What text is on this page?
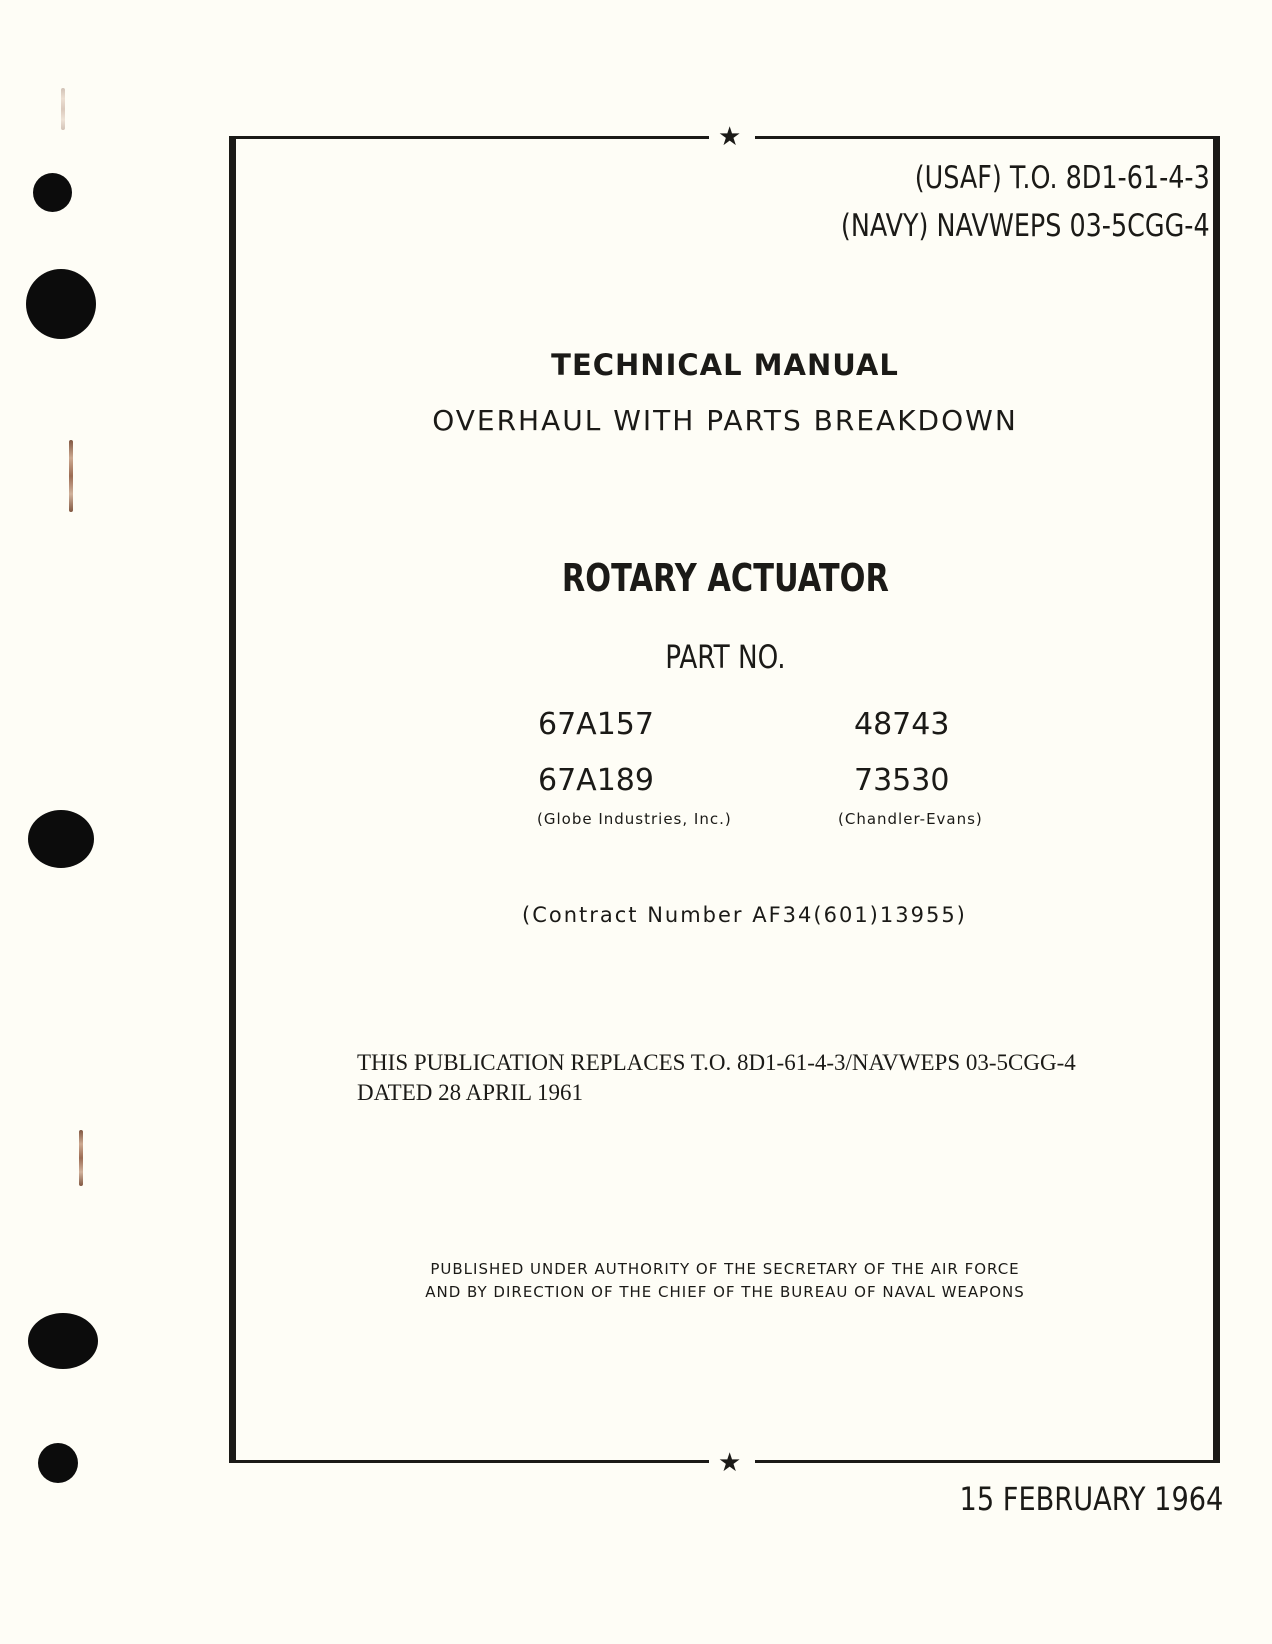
★
★
(USAF) T.O. 8D1-61-4-3
(NAVY) NAVWEPS 03-5CGG-4
TECHNICAL MANUAL
OVERHAUL WITH PARTS BREAKDOWN
ROTARY ACTUATOR
PART NO.
67A157
67A189
(Globe Industries, Inc.)
48743
73530
(Chandler-Evans)
(Contract Number AF34(601)13955)
THIS PUBLICATION REPLACES T.O. 8D1-61-4-3/NAVWEPS 03-5CGG-4
DATED 28 APRIL 1961
PUBLISHED UNDER AUTHORITY OF THE SECRETARY OF THE AIR FORCE
AND BY DIRECTION OF THE CHIEF OF THE BUREAU OF NAVAL WEAPONS
15 FEBRUARY 1964
